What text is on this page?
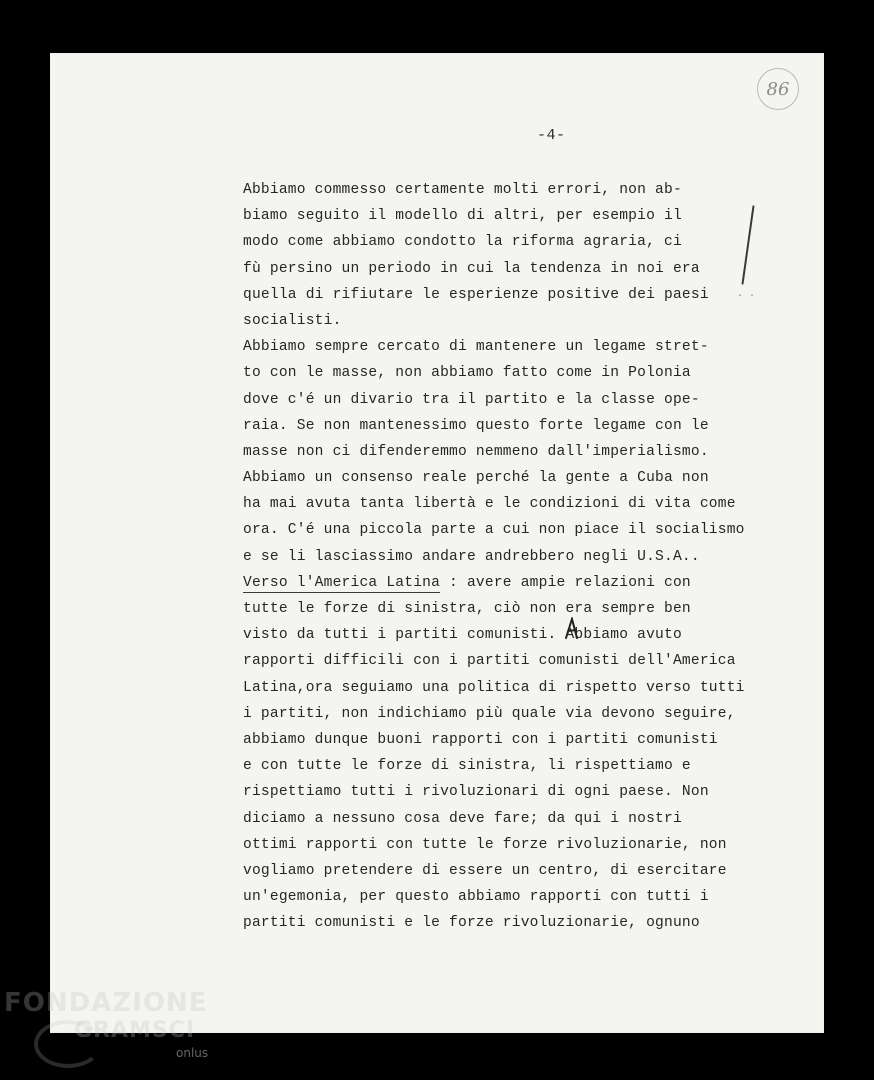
86
-4-
· ·
Abbiamo commesso certamente molti errori, non ab-
biamo seguito il modello di altri, per esempio il
modo come abbiamo condotto la riforma agraria, ci
fù persino un periodo in cui la tendenza in noi era
quella di rifiutare le esperienze positive dei paesi
socialisti.
Abbiamo sempre cercato di mantenere un legame stret-
to con le masse, non abbiamo fatto come in Polonia
dove c'é un divario tra il partito e la classe ope-
raia. Se non mantenessimo questo forte legame con le
masse non ci difenderemmo nemmeno dall'imperialismo.
Abbiamo un consenso reale perché la gente a Cuba non
ha mai avuta tanta libertà e le condizioni di vita come
ora. C'é una piccola parte a cui non piace il socialismo
e se li lasciassimo andare andrebbero negli U.S.A..
Verso l'America Latina : avere ampie relazioni con
tutte le forze di sinistra, ciò non era sempre ben
visto da tutti i partiti comunisti. Abbiamo avuto
rapporti difficili con i partiti comunisti dell'America
Latina,ora seguiamo una politica di rispetto verso tutti
i partiti, non indichiamo più quale via devono seguire,
abbiamo dunque buoni rapporti con i partiti comunisti
e con tutte le forze di sinistra, li rispettiamo e
rispettiamo tutti i rivoluzionari di ogni paese. Non
diciamo a nessuno cosa deve fare; da qui i nostri
ottimi rapporti con tutte le forze rivoluzionarie, non
vogliamo pretendere di essere un centro, di esercitare
un'egemonia, per questo abbiamo rapporti con tutti i
partiti comunisti e le forze rivoluzionarie, ognuno
FONDAZIONE
GRAMSCI
onlus
